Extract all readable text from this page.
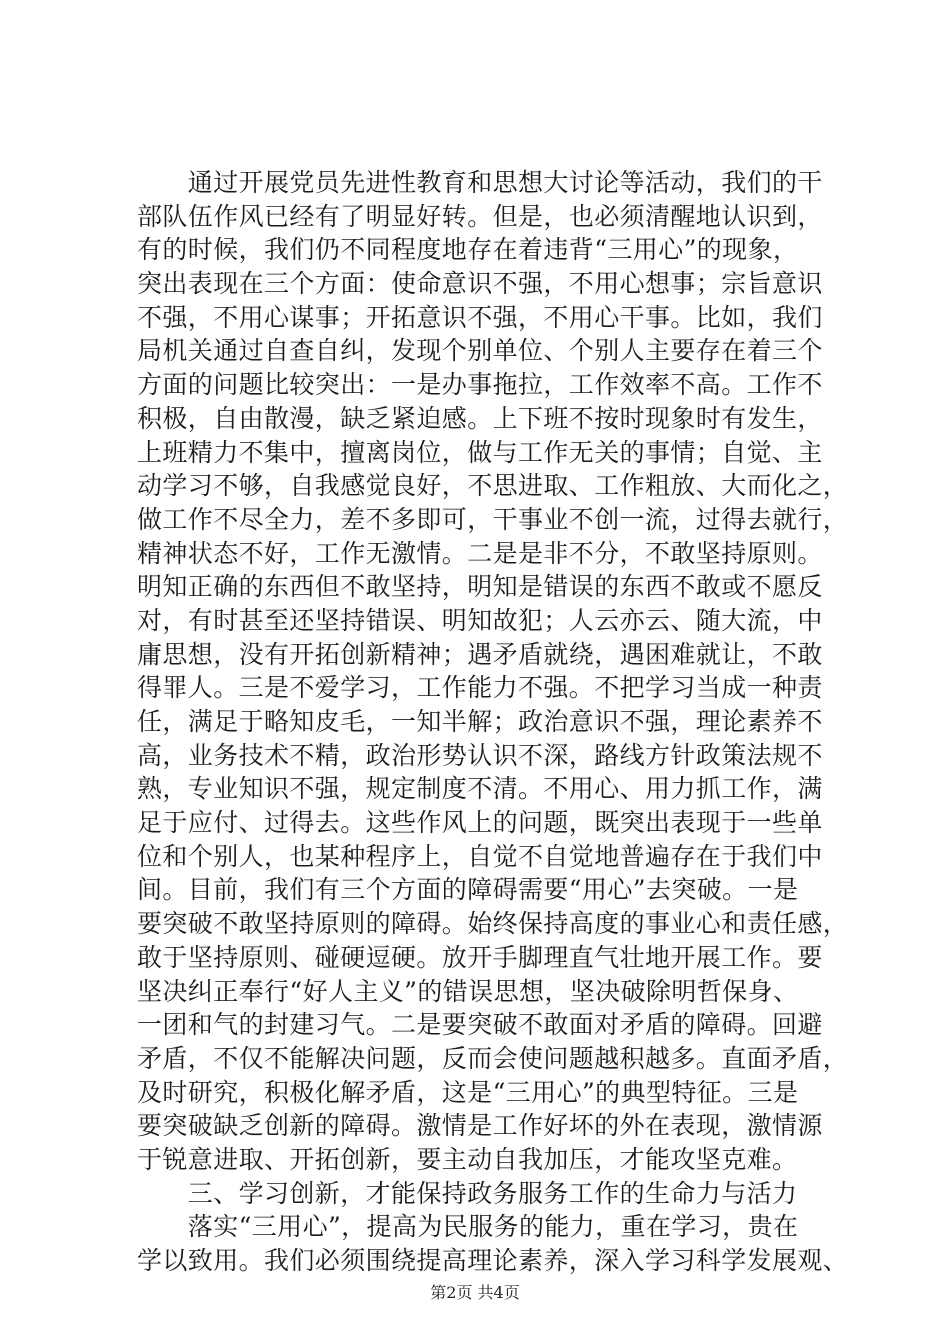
　　通过开展党员先进性教育和思想大讨论等活动，我们的干
部队伍作风已经有了明显好转。但是，也必须清醒地认识到，
有的时候，我们仍不同程度地存在着违背“三用心”的现象，
突出表现在三个方面：使命意识不强，不用心想事；宗旨意识
不强，不用心谋事；开拓意识不强，不用心干事。比如，我们
局机关通过自查自纠，发现个别单位、个别人主要存在着三个
方面的问题比较突出：一是办事拖拉，工作效率不高。工作不
积极，自由散漫，缺乏紧迫感。上下班不按时现象时有发生，
上班精力不集中，擅离岗位，做与工作无关的事情；自觉、主
动学习不够，自我感觉良好，不思进取、工作粗放、大而化之，
做工作不尽全力，差不多即可，干事业不创一流，过得去就行，
精神状态不好，工作无激情。二是是非不分，不敢坚持原则。
明知正确的东西但不敢坚持，明知是错误的东西不敢或不愿反
对，有时甚至还坚持错误、明知故犯；人云亦云、随大流，中
庸思想，没有开拓创新精神；遇矛盾就绕，遇困难就让，不敢
得罪人。三是不爱学习，工作能力不强。不把学习当成一种责
任，满足于略知皮毛，一知半解；政治意识不强，理论素养不
高，业务技术不精，政治形势认识不深，路线方针政策法规不
熟，专业知识不强，规定制度不清。不用心、用力抓工作，满
足于应付、过得去。这些作风上的问题，既突出表现于一些单
位和个别人，也某种程序上，自觉不自觉地普遍存在于我们中
间。目前，我们有三个方面的障碍需要“用心”去突破。一是
要突破不敢坚持原则的障碍。始终保持高度的事业心和责任感，
敢于坚持原则、碰硬逗硬。放开手脚理直气壮地开展工作。要
坚决纠正奉行“好人主义”的错误思想，坚决破除明哲保身、
一团和气的封建习气。二是要突破不敢面对矛盾的障碍。回避
矛盾，不仅不能解决问题，反而会使问题越积越多。直面矛盾，
及时研究，积极化解矛盾，这是“三用心”的典型特征。三是
要突破缺乏创新的障碍。激情是工作好坏的外在表现，激情源
于锐意进取、开拓创新，要主动自我加压，才能攻坚克难。
　　三、学习创新，才能保持政务服务工作的生命力与活力
　　落实“三用心”，提高为民服务的能力，重在学习，贵在
学以致用。我们必须围绕提高理论素养，深入学习科学发展观、
第2页 共4页
